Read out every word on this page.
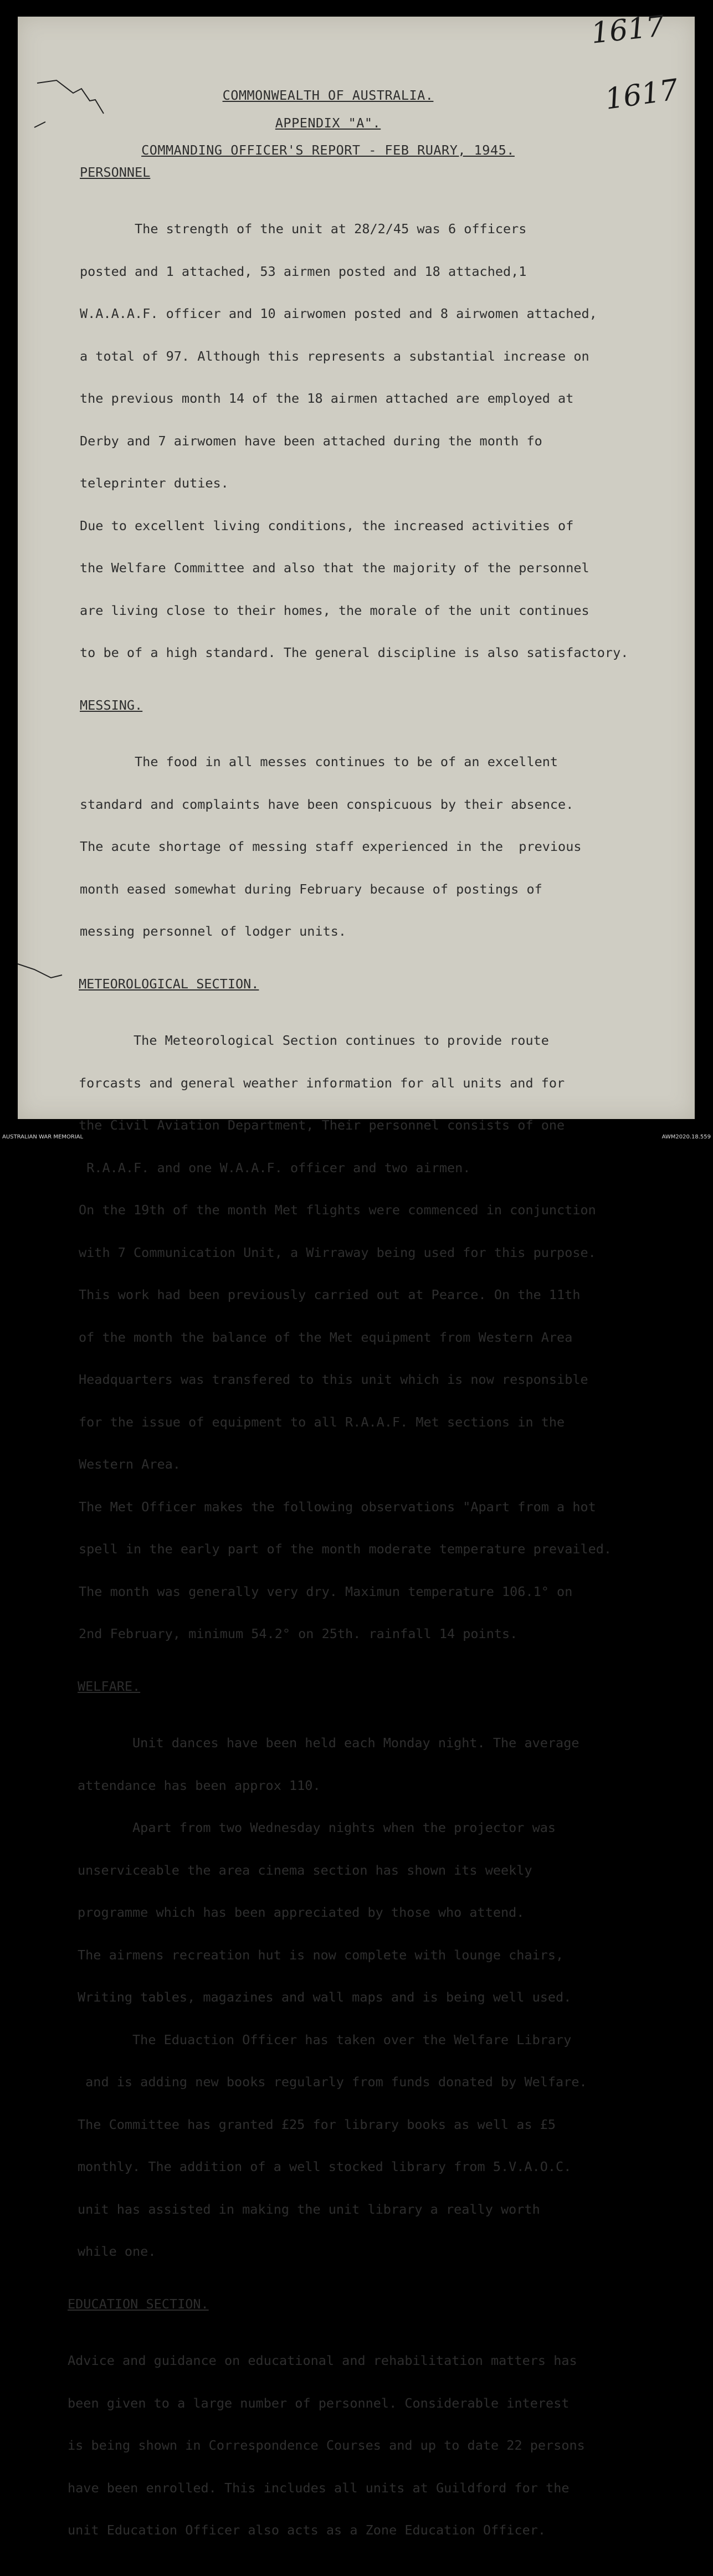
1617
1617
COMMONWEALTH OF AUSTRALIA.
APPENDIX "A".
COMMANDING OFFICER'S REPORT - FEB RUARY, 1945.
PERSONNEL

The strength of the unit at 28/2/45 was 6 officers

posted and 1 attached, 53 airmen posted and 18 attached,1

W.A.A.A.F. officer and 10 airwomen posted and 8 airwomen attached,

a total of 97. Although this represents a substantial increase on

the previous month 14 of the 18 airmen attached are employed at

Derby and 7 airwomen have been attached during the month fo

teleprinter duties.

Due to excellent living conditions, the increased activities of

the Welfare Committee and also that the majority of the personnel

are living close to their homes, the morale of the unit continues

to be of a high standard. The general discipline is also satisfactory.

MESSING.

The food in all messes continues to be of an excellent

standard and complaints have been conspicuous by their absence.

The acute shortage of messing staff experienced in the  previous

month eased somewhat during February because of postings of

messing personnel of lodger units.

METEOROLOGICAL SECTION.

The Meteorological Section continues to provide route

forcasts and general weather information for all units and for

the Civil Aviation Department, Their personnel consists of one

R.A.A.F. and one W.A.A.F. officer and two airmen.

On the 19th of the month Met flights were commenced in conjunction

with 7 Communication Unit, a Wirraway being used for this purpose.

This work had been previously carried out at Pearce. On the 11th

of the month the balance of the Met equipment from Western Area

Headquarters was transfered to this unit which is now responsible

for the issue of equipment to all R.A.A.F. Met sections in the

Western Area.

The Met Officer makes the following observations "Apart from a hot

spell in the early part of the month moderate temperature prevailed.

The month was generally very dry. Maximun temperature 106.1° on

2nd February, minimum 54.2° on 25th. rainfall 14 points.

WELFARE.

Unit dances have been held each Monday night. The average

attendance has been approx 110.

Apart from two Wednesday nights when the projector was

unserviceable the area cinema section has shown its weekly

programme which has been appreciated by those who attend.

The airmens recreation hut is now complete with lounge chairs,

Writing tables, magazines and wall maps and is being well used.

The Eduaction Officer has taken over the Welfare Library

and is adding new books regularly from funds donated by Welfare.

The Committee has granted £25 for library books as well as £5

monthly. The addition of a well stocked library from 5.V.A.O.C.

unit has assisted in making the unit library a really worth

while one.

EDUCATION SECTION.

Advice and guidance on educational and rehabilitation matters has

been given to a large number of personnel. Considerable interest

is being shown in Correspondence Courses and up to date 22 persons

have been enrolled. This includes all units at Guildford for the

unit Education Officer also acts as a Zone Education Officer.

AUSTRALIAN WAR MEMORIAL	AWM2020.18.559
